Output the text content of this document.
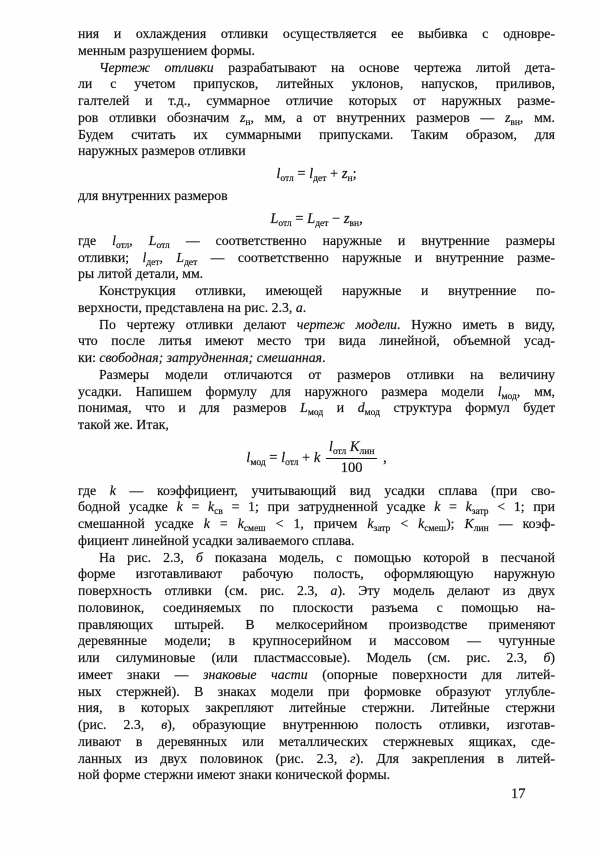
ния и охлаждения отливки осуществляется ее выбивка с одновре-
менным разрушением формы.
Чертеж отливки разрабатывают на основе чертежа литой дета-
ли с учетом припусков, литейных уклонов, напусков, приливов,
галтелей и т.д., суммарное отличие которых от наружных разме-
ров отливки обозначим $z_н$, мм, а от внутренних размеров — $z_{вн}$, мм.
Будем считать их суммарными припусками. Таким образом, для
наружных размеров отливки
$l_{отл} = l_{дет} + z_н$;
для внутренних размеров
$L_{отл} = L_{дет} - z_{вн}$,
где $l_{отл}$, $L_{отл}$ — соответственно наружные и внутренние размеры
отливки; $l_{дет}$, $L_{дет}$ — соответственно наружные и внутренние разме-
ры литой детали, мм.
Конструкция отливки, имеющей наружные и внутренние по-
верхности, представлена на рис. 2.3, а.
По чертежу отливки делают чертеж модели. Нужно иметь в виду,
что после литья имеют место три вида линейной, объемной усад-
ки: свободная; затрудненная; смешанная.
Размеры модели отличаются от размеров отливки на величину
усадки. Напишем формулу для наружного размера модели $l_{мод}$, мм,
понимая, что и для размеров $L_{мод}$ и $d_{мод}$ структура формул будет
такой же. Итак,
$l_{мод} = l_{отл} + k \frac{l_{отл} K_{лин}}{100}$ ,
где k — коэффициент, учитывающий вид усадки сплава (при сво-
бодной усадке $k = k_{св} = 1$; при затрудненной усадке $k = k_{затр} < 1$; при
смешанной усадке $k = k_{смеш} < 1$, причем $k_{затр} < k_{смеш}$); $K_{лин}$ — коэф-
фициент линейной усадки заливаемого сплава.
На рис. 2.3, б показана модель, с помощью которой в песчаной
форме изготавливают рабочую полость, оформляющую наружную
поверхность отливки (см. рис. 2.3, а). Эту модель делают из двух
половинок, соединяемых по плоскости разъема с помощью на-
правляющих штырей. В мелкосерийном производстве применяют
деревянные модели; в крупносерийном и массовом — чугунные
или силуминовые (или пластмассовые). Модель (см. рис. 2.3, б)
имеет знаки — знаковые части (опорные поверхности для литей-
ных стержней). В знаках модели при формовке образуют углубле-
ния, в которых закрепляют литейные стержни. Литейные стержни
(рис. 2.3, в), образующие внутреннюю полость отливки, изготав-
ливают в деревянных или металлических стержневых ящиках, сде-
ланных из двух половинок (рис. 2.3, г). Для закрепления в литей-
ной форме стержни имеют знаки конической формы.
17
